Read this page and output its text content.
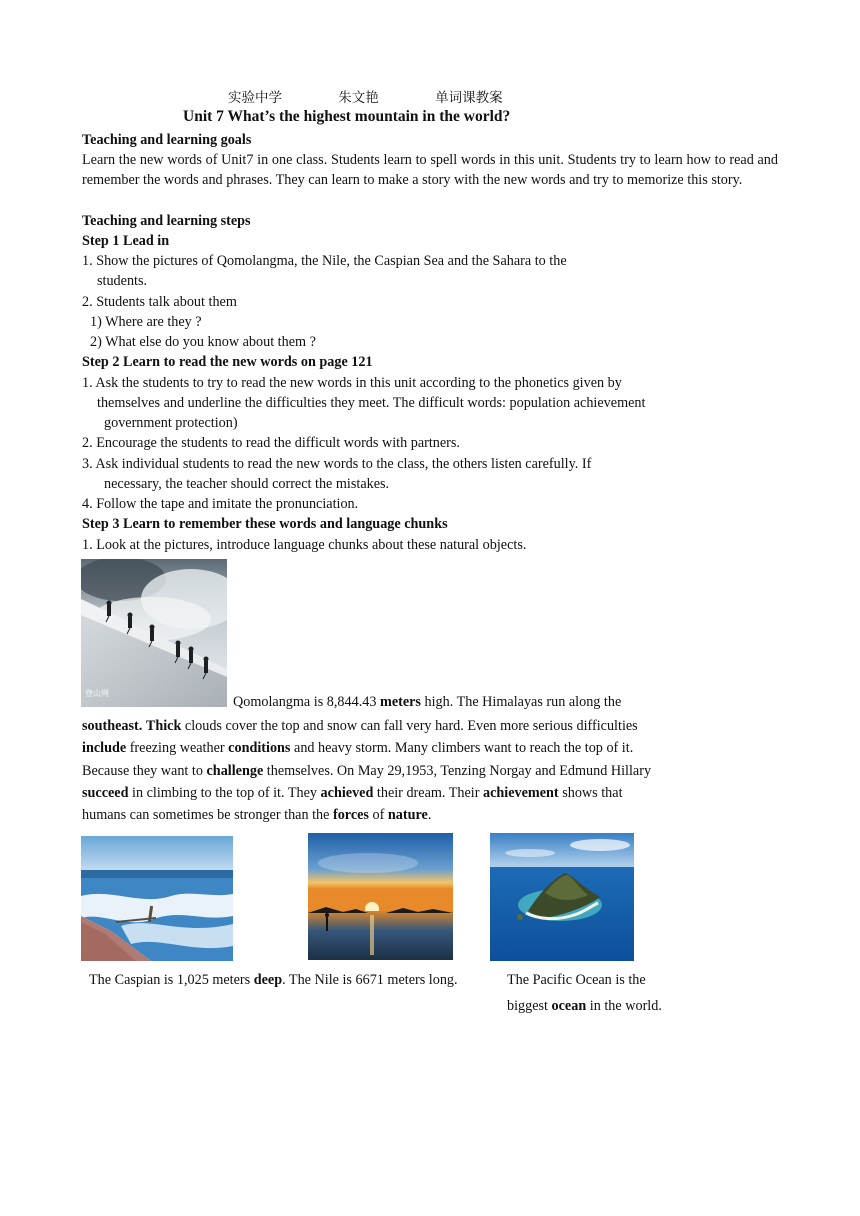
实验中学	朱文艳	单词课教案
Unit 7 What’s the highest mountain in the world?
Teaching and learning goals
Learn the new words of Unit7 in one class. Students learn to spell words in this unit. Students try to learn how to read and remember the words and phrases. They can learn to make a story with the new words and try to memorize this story.
Teaching and learning steps
Step 1 Lead in
1. Show the pictures of Qomolangma, the Nile, the Caspian Sea and the Sahara to the
students.
2. Students talk about them
1) Where are they ?
2) What else do you know about them ?
Step 2 Learn to read the new words on page 121
1. Ask the students to try to read the new words in this unit according to the phonetics given by
themselves and underline the difficulties they meet. The difficult words: population achievement
government protection)
2. Encourage the students to read the difficult words with partners.
3. Ask individual students to read the new words to the class, the others listen carefully. If
necessary, the teacher should correct the mistakes.
4. Follow the tape and imitate the pronunciation.
Step 3 Learn to remember these words and language chunks
1. Look at the pictures, introduce language chunks about these natural objects.
登山网
Qomolangma is 8,844.43 meters high. The Himalayas run along the
southeast. Thick clouds cover the top and snow can fall very hard. Even more serious difficulties
include freezing weather conditions and heavy storm. Many climbers want to reach the top of it.
Because they want to challenge themselves. On May 29,1953, Tenzing Norgay and Edmund Hillary
succeed in climbing to the top of it. They achieved their dream. Their achievement shows that
humans can sometimes be stronger than the forces of nature.
The Caspian is 1,025 meters deep. The Nile is 6671 meters long.	The Pacific Ocean is the
biggest ocean in the world.
